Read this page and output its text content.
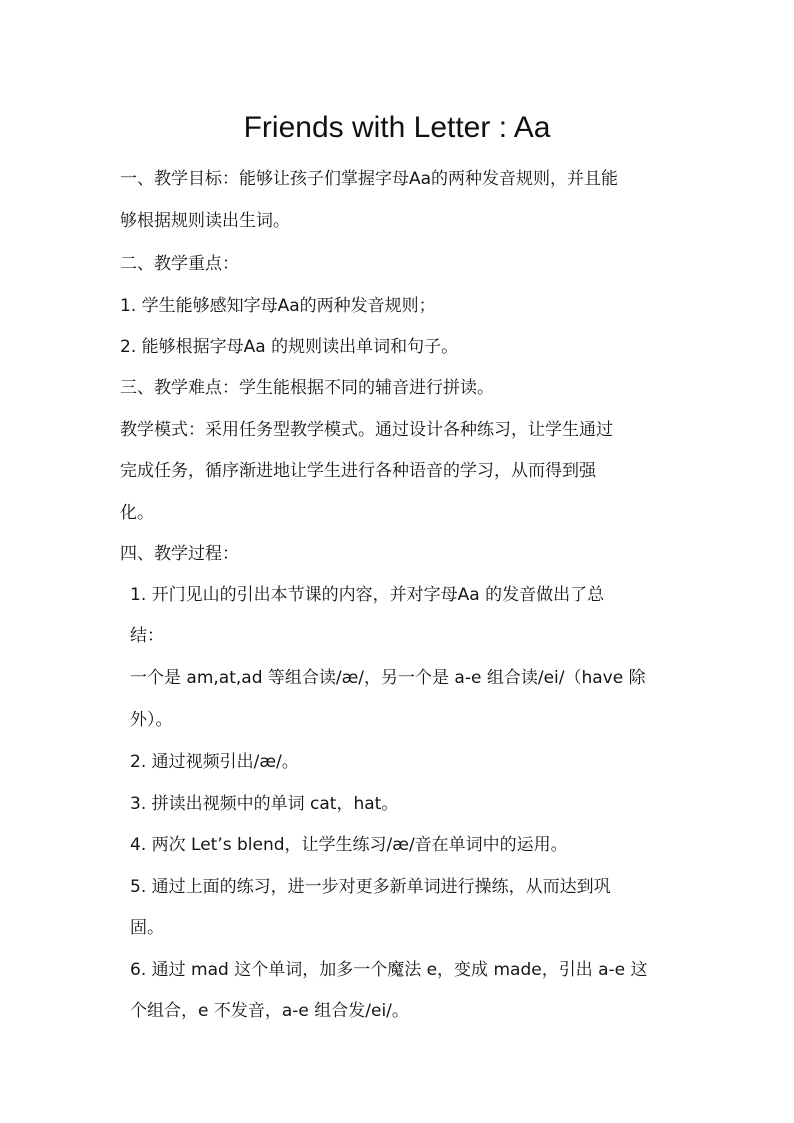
Friends with Letter : Aa
一、教学目标：能够让孩子们掌握字母Aa的两种发音规则，并且能
够根据规则读出生词。
二、教学重点：
1. 学生能够感知字母Aa的两种发音规则；
2. 能够根据字母Aa 的规则读出单词和句子。
三、教学难点：学生能根据不同的辅音进行拼读。
教学模式：采用任务型教学模式。通过设计各种练习，让学生通过
完成任务，循序渐进地让学生进行各种语音的学习，从而得到强
化。
四、教学过程：
1. 开门见山的引出本节课的内容，并对字母Aa 的发音做出了总
结：
一个是 am,at,ad 等组合读/æ/，另一个是 a-e 组合读/ei/（have 除
外）。
2. 通过视频引出/æ/。
3. 拼读出视频中的单词 cat，hat。
4. 两次 Let’s blend，让学生练习/æ/音在单词中的运用。
5. 通过上面的练习，进一步对更多新单词进行操练，从而达到巩
固。
6. 通过 mad 这个单词，加多一个魔法 e，变成 made，引出 a-e 这
个组合，e 不发音，a-e 组合发/ei/。
